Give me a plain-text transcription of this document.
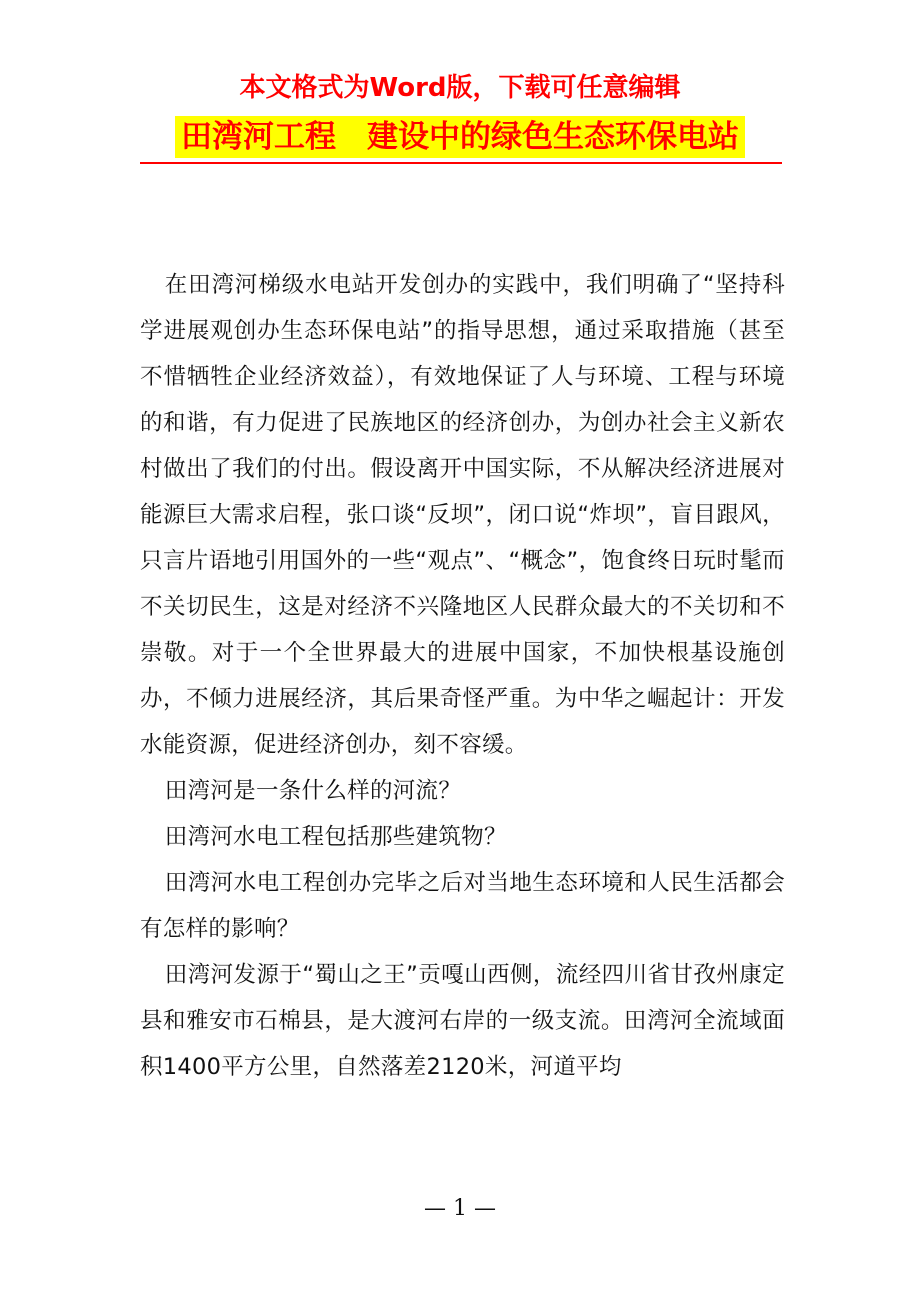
本文格式为Word版，下载可任意编辑
田湾河工程　建设中的绿色生态环保电站

在田湾河梯级水电站开发创办的实践中，我们明确了“坚持科学进展观创办生态环保电站”的指导思想，通过采取措施（甚至不惜牺牲企业经济效益），有效地保证了人与环境、工程与环境的和谐，有力促进了民族地区的经济创办，为创办社会主义新农村做出了我们的付出。假设离开中国实际，不从解决经济进展对能源巨大需求启程，张口谈“反坝”，闭口说“炸坝”，盲目跟风，只言片语地引用国外的一些“观点”、“概念”，饱食终日玩时髦而不关切民生，这是对经济不兴隆地区人民群众最大的不关切和不崇敬。对于一个全世界最大的进展中国家，不加快根基设施创办，不倾力进展经济，其后果奇怪严重。为中华之崛起计：开发水能资源，促进经济创办，刻不容缓。

田湾河是一条什么样的河流？

田湾河水电工程包括那些建筑物？

田湾河水电工程创办完毕之后对当地生态环境和人民生活都会有怎样的影响？

田湾河发源于“蜀山之王”贡嘎山西侧，流经四川省甘孜州康定县和雅安市石棉县，是大渡河右岸的一级支流。田湾河全流域面积1400平方公里，自然落差2120米，河道平均

— 1 —
